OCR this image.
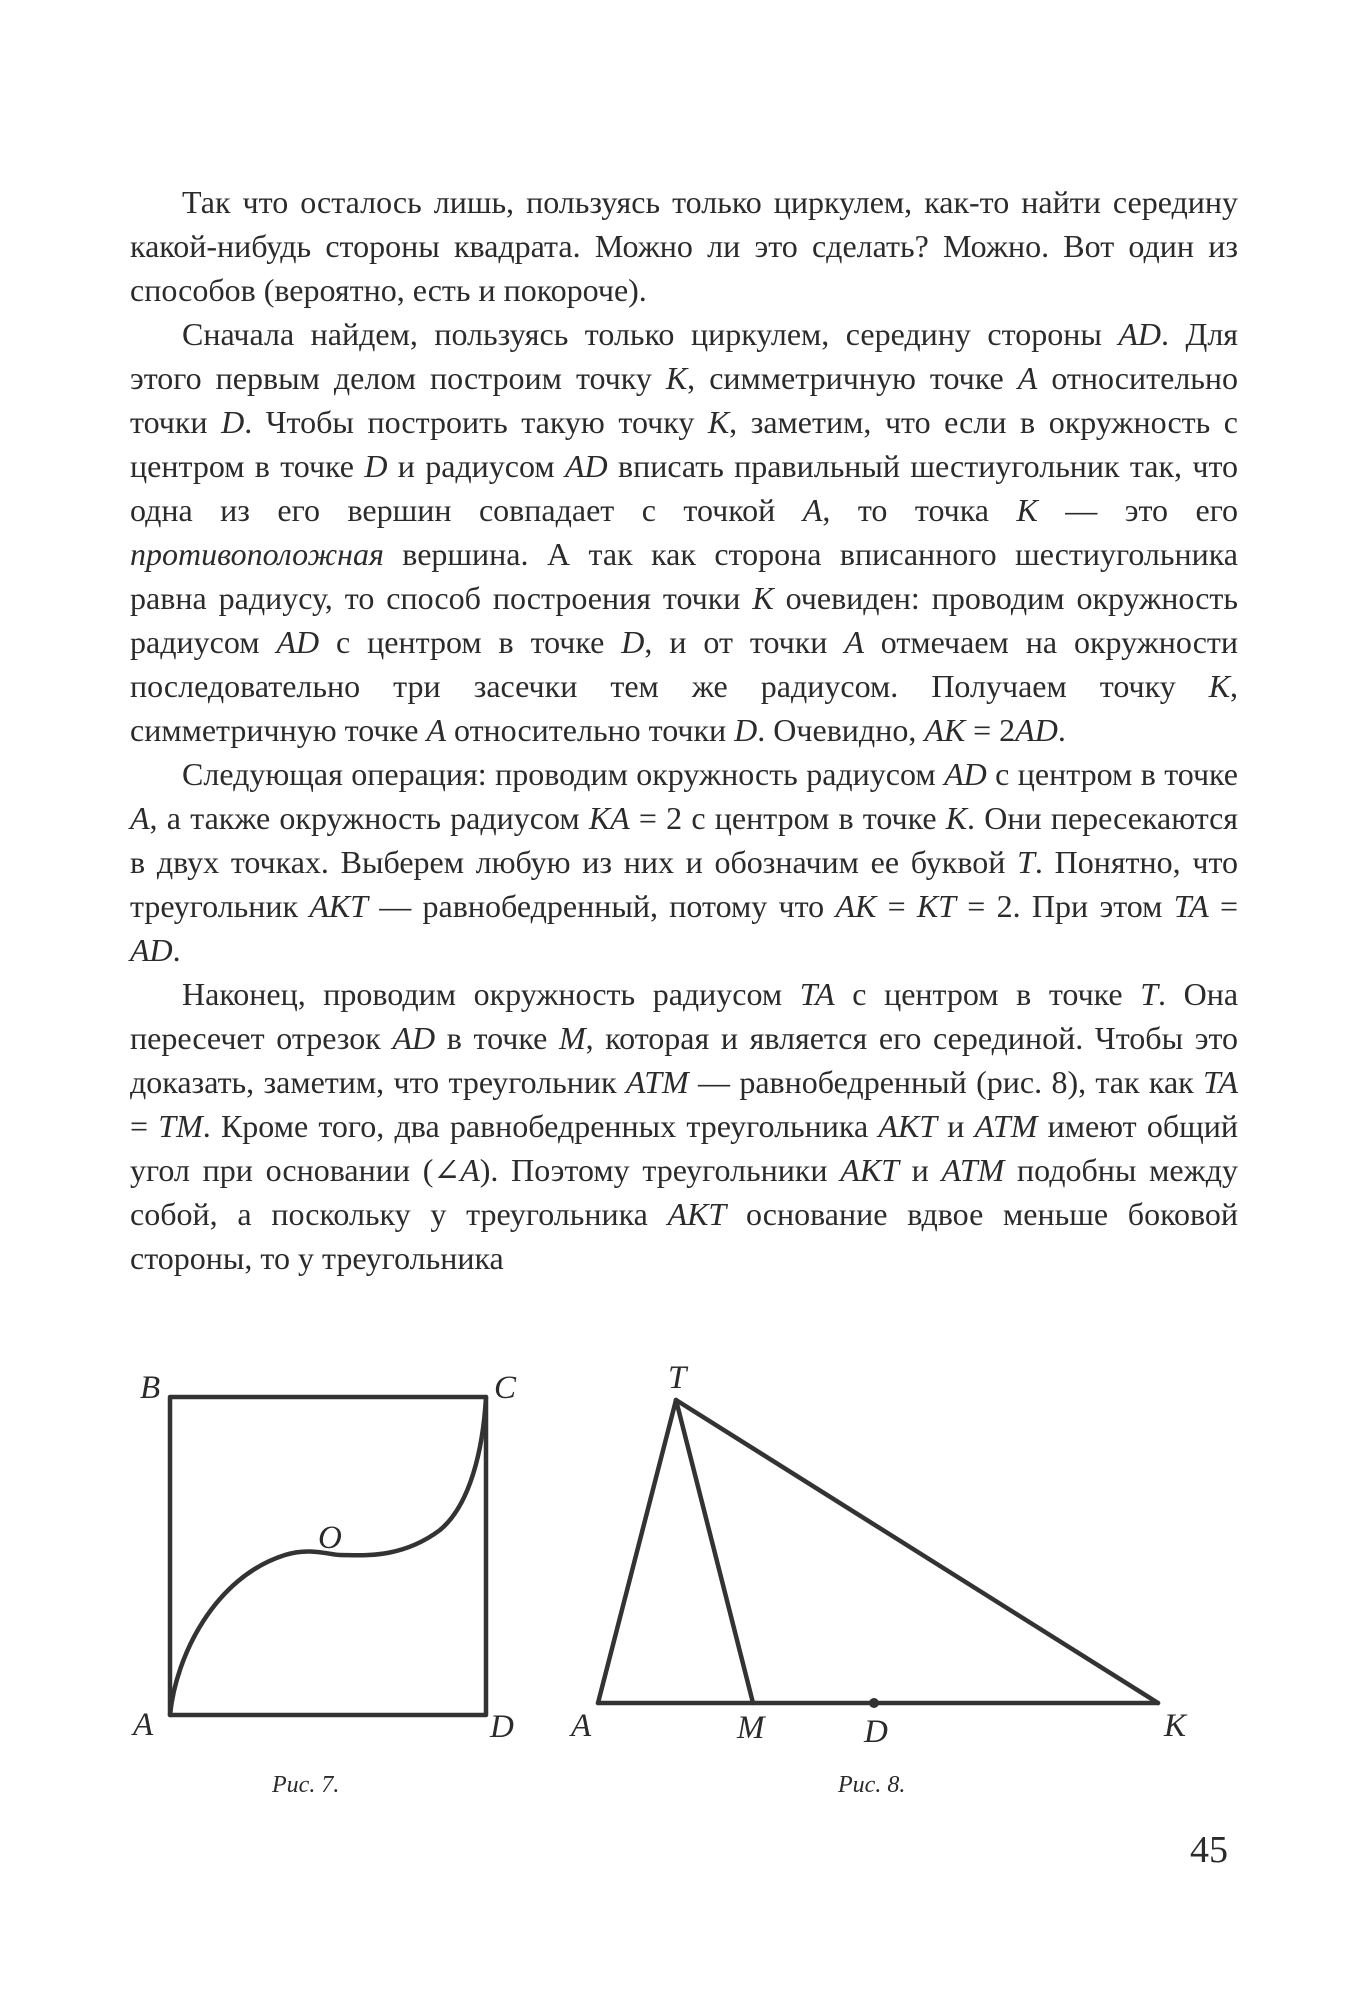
Так что осталось лишь, пользуясь только циркулем, как-то найти середину какой-нибудь стороны квадрата. Можно ли это сделать? Можно. Вот один из способов (вероятно, есть и покороче).

Сначала найдем, пользуясь только циркулем, середину стороны AD. Для этого первым делом построим точку К, симметричную точке A относительно точки D. Чтобы построить такую точку К, заметим, что если в окружность с центром в точке D и радиусом AD вписать правильный шестиугольник так, что одна из его вершин совпадает с точкой A, то точка К — это его противоположная вершина. А так как сторона вписанного шестиугольника равна радиусу, то способ построения точки К очевиден: проводим окружность радиусом AD с центром в точке D, и от точки A отмечаем на окружности последовательно три засечки тем же радиусом. Получаем точку К, симметричную точке A относительно точки D. Очевидно, AК = 2AD.

Следующая операция: проводим окружность радиусом AD с центром в точке A, а также окружность радиусом КA = 2 с центром в точке К. Они пересекаются в двух точках. Выберем любую из них и обозначим ее буквой T. Понятно, что треугольник AКT — равнобедренный, потому что AК = КT = 2. При этом TA = AD.

Наконец, проводим окружность радиусом TA с центром в точке T. Она пересечет отрезок AD в точке M, которая и является его серединой. Чтобы это доказать, заметим, что треугольник ATM — равнобедренный (рис. 8), так как TA = TM. Кроме того, два равнобедренных треугольника AКT и ATM имеют общий угол при основании (∠A). Поэтому треугольники AКT и ATM подобны между собой, а поскольку у треугольника AКT основание вдвое меньше боковой стороны, то у треугольника

B	C
O
A	D
Рис. 7.
T
A	M	D	K
Рис. 8.
45
